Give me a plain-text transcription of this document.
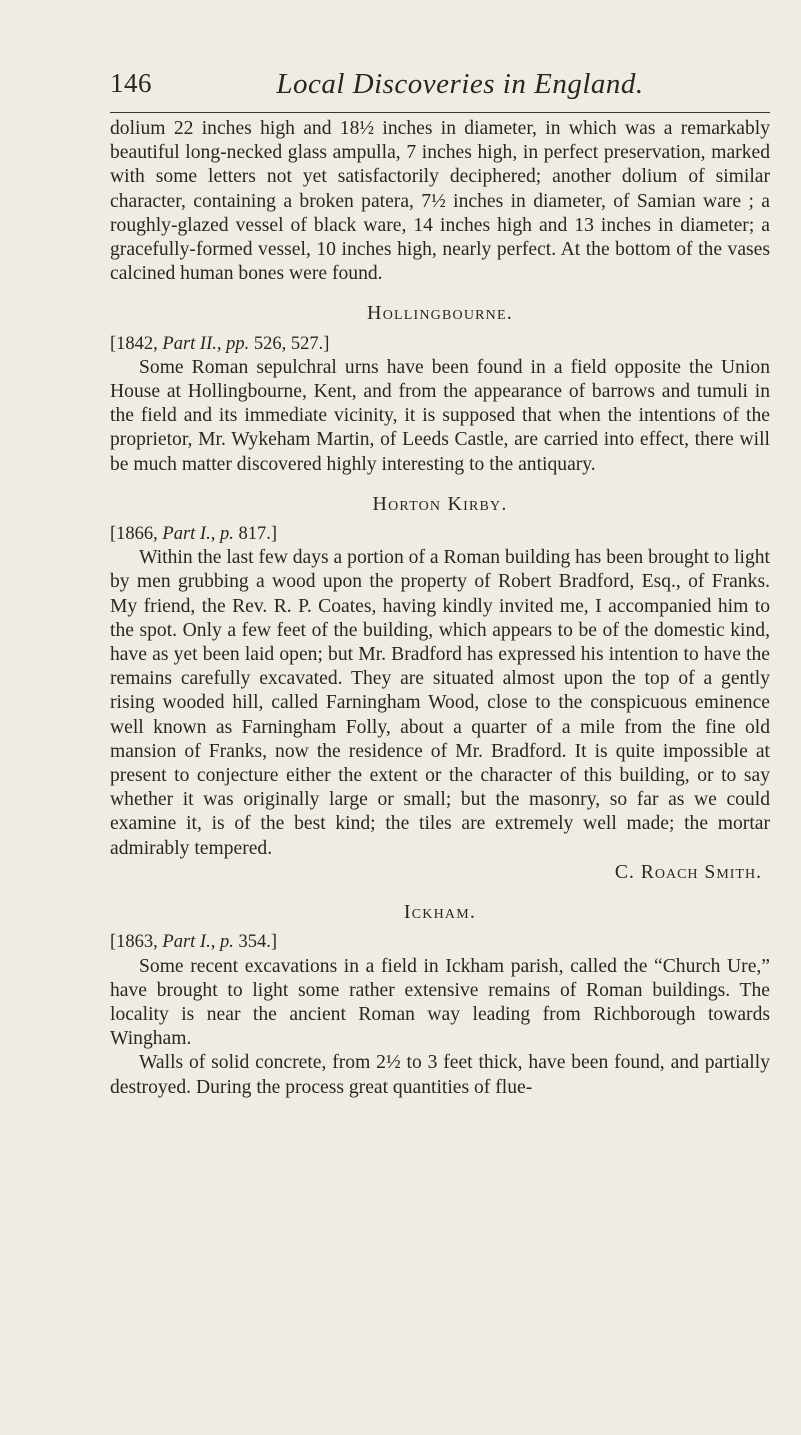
146	Local Discoveries in England.

dolium 22 inches high and 18½ inches in diameter, in which was a remarkably beautiful long-necked glass ampulla, 7 inches high, in perfect preservation, marked with some letters not yet satisfactorily deciphered; another dolium of similar character, containing a broken patera, 7½ inches in diameter, of Samian ware ; a roughly-glazed vessel of black ware, 14 inches high and 13 inches in diameter; a gracefully-formed vessel, 10 inches high, nearly perfect. At the bottom of the vases calcined human bones were found.

Hollingbourne.

[1842, Part II., pp. 526, 527.]

Some Roman sepulchral urns have been found in a field opposite the Union House at Hollingbourne, Kent, and from the appearance of barrows and tumuli in the field and its immediate vicinity, it is supposed that when the intentions of the proprietor, Mr. Wykeham Martin, of Leeds Castle, are carried into effect, there will be much matter discovered highly interesting to the antiquary.

Horton Kirby.

[1866, Part I., p. 817.]

Within the last few days a portion of a Roman building has been brought to light by men grubbing a wood upon the property of Robert Bradford, Esq., of Franks. My friend, the Rev. R. P. Coates, having kindly invited me, I accompanied him to the spot. Only a few feet of the building, which appears to be of the domestic kind, have as yet been laid open; but Mr. Bradford has expressed his intention to have the remains carefully excavated. They are situated almost upon the top of a gently rising wooded hill, called Farningham Wood, close to the conspicuous eminence well known as Farningham Folly, about a quarter of a mile from the fine old mansion of Franks, now the residence of Mr. Bradford. It is quite impossible at present to conjecture either the extent or the character of this building, or to say whether it was originally large or small; but the masonry, so far as we could examine it, is of the best kind; the tiles are extremely well made; the mortar admirably tempered.

C. Roach Smith.

Ickham.

[1863, Part I., p. 354.]

Some recent excavations in a field in Ickham parish, called the “Church Ure,” have brought to light some rather extensive remains of Roman buildings. The locality is near the ancient Roman way leading from Richborough towards Wingham.

Walls of solid concrete, from 2½ to 3 feet thick, have been found, and partially destroyed. During the process great quantities of flue-
